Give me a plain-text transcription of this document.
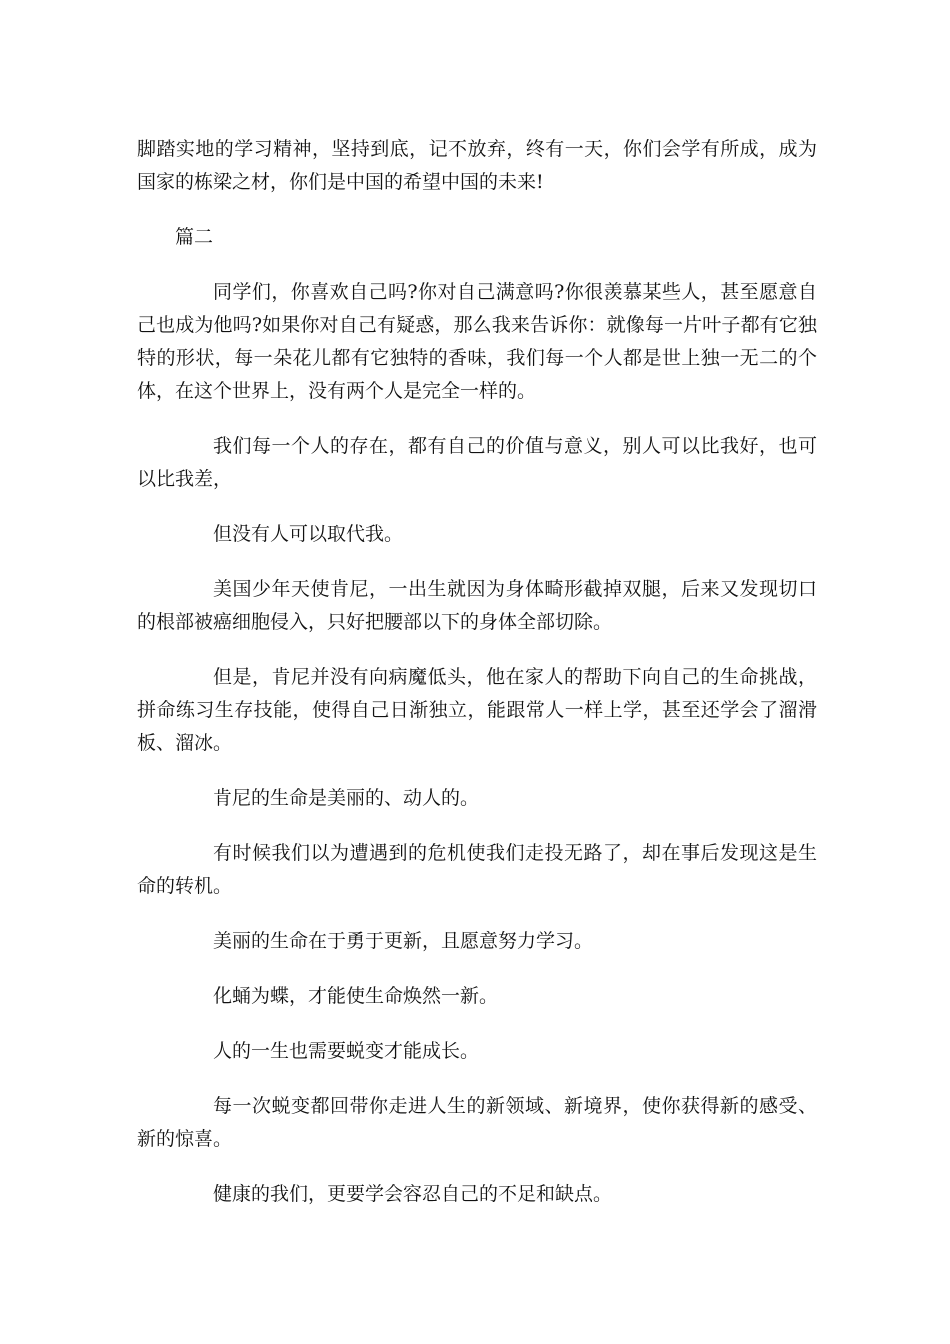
脚踏实地的学习精神，坚持到底，记不放弃，终有一天，你们会学有所成，成为国家的栋梁之材，你们是中国的希望中国的未来!

篇二

同学们，你喜欢自己吗?你对自己满意吗?你很羡慕某些人，甚至愿意自己也成为他吗?如果你对自己有疑惑，那么我来告诉你：就像每一片叶子都有它独特的形状，每一朵花儿都有它独特的香味，我们每一个人都是世上独一无二的个体，在这个世界上，没有两个人是完全一样的。

我们每一个人的存在，都有自己的价值与意义，别人可以比我好，也可以比我差，

但没有人可以取代我。

美国少年天使肯尼，一出生就因为身体畸形截掉双腿，后来又发现切口的根部被癌细胞侵入，只好把腰部以下的身体全部切除。

但是，肯尼并没有向病魔低头，他在家人的帮助下向自己的生命挑战，拼命练习生存技能，使得自己日渐独立，能跟常人一样上学，甚至还学会了溜滑板、溜冰。

肯尼的生命是美丽的、动人的。

有时候我们以为遭遇到的危机使我们走投无路了，却在事后发现这是生命的转机。

美丽的生命在于勇于更新，且愿意努力学习。

化蛹为蝶，才能使生命焕然一新。

人的一生也需要蜕变才能成长。

每一次蜕变都回带你走进人生的新领域、新境界，使你获得新的感受、新的惊喜。

健康的我们，更要学会容忍自己的不足和缺点。
